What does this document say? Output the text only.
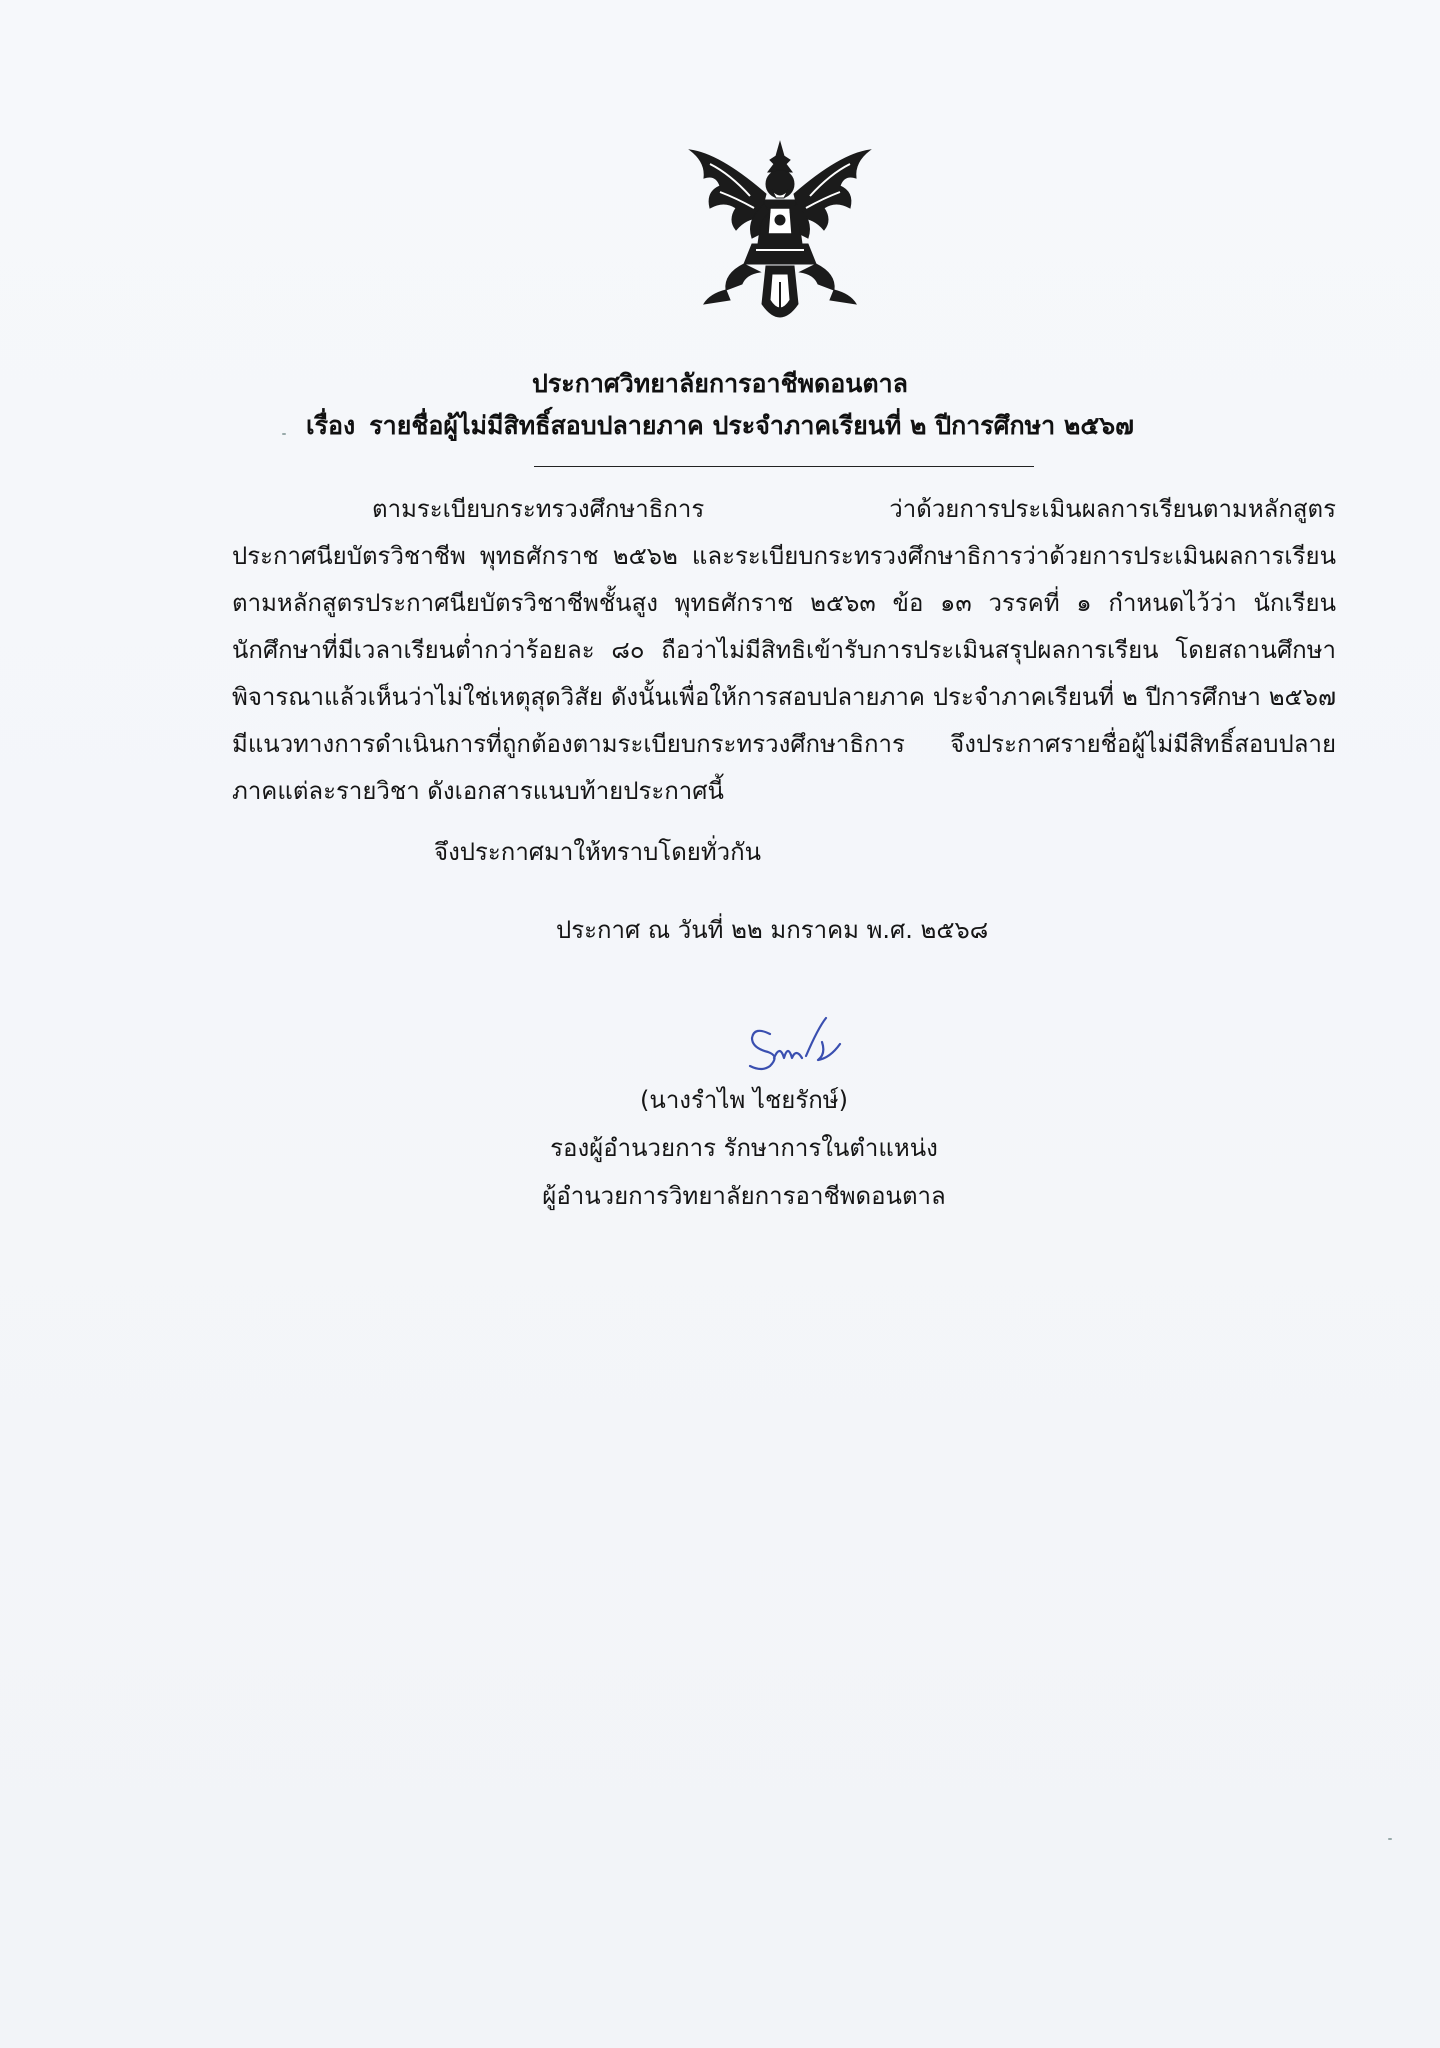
ประกาศวิทยาลัยการอาชีพดอนตาล
เรื่อง รายชื่อผู้ไม่มีสิทธิ์สอบปลายภาค ประจำภาคเรียนที่ ๒ ปีการศึกษา ๒๕๖๗
ตามระเบียบกระทรวงศึกษาธิการ ว่าด้วยการประเมินผลการเรียนตามหลักสูตร
ประกาศนียบัตรวิชาชีพ พุทธศักราช ๒๕๖๒ และระเบียบกระทรวงศึกษาธิการว่าด้วยการประเมินผลการเรียน
ตามหลักสูตรประกาศนียบัตรวิชาชีพชั้นสูง พุทธศักราช ๒๕๖๓ ข้อ ๑๓ วรรคที่ ๑ กำหนดไว้ว่า นักเรียน
นักศึกษาที่มีเวลาเรียนต่ำกว่าร้อยละ ๘๐ ถือว่าไม่มีสิทธิเข้ารับการประเมินสรุปผลการเรียน โดยสถานศึกษา
พิจารณาแล้วเห็นว่าไม่ใช่เหตุสุดวิสัย ดังนั้นเพื่อให้การสอบปลายภาค ประจำภาคเรียนที่ ๒ ปีการศึกษา ๒๕๖๗
มีแนวทางการดำเนินการที่ถูกต้องตามระเบียบกระทรวงศึกษาธิการ จึงประกาศรายชื่อผู้ไม่มีสิทธิ์สอบปลาย
ภาคแต่ละรายวิชา ดังเอกสารแนบท้ายประกาศนี้
จึงประกาศมาให้ทราบโดยทั่วกัน
ประกาศ ณ วันที่ ๒๒ มกราคม พ.ศ. ๒๕๖๘
(นางรำไพ ไชยรักษ์)
รองผู้อำนวยการ รักษาการในตำแหน่ง
ผู้อำนวยการวิทยาลัยการอาชีพดอนตาล
